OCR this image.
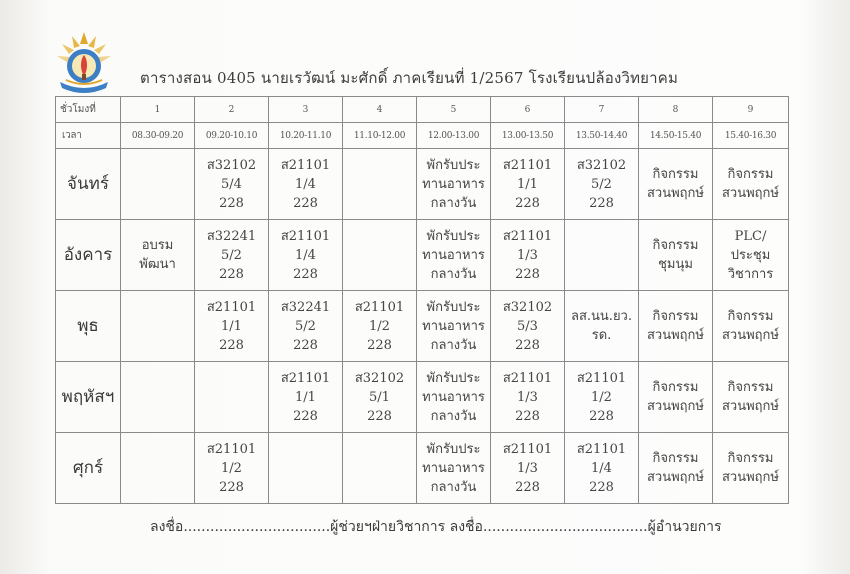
ตารางสอน 0405 นายเรวัฒน์ มะศักดิ์ ภาคเรียนที่ 1/2567 โรงเรียนปล้องวิทยาคม
ชั่วโมงที่	1	2	3	4	5	6	7	8	9
เวลา	08.30-09.20	09.20-10.10	10.20-11.10	11.10-12.00	12.00-13.00	13.00-13.50	13.50-14.40	14.50-15.40	15.40-16.30
จันทร์		ส32102
5/4
228	ส21101
1/4
228		พักรับประ
ทานอาหาร
กลางวัน	ส21101
1/1
228	ส32102
5/2
228	กิจกรรม
สวนพฤกษ์	กิจกรรม
สวนพฤกษ์

อังคาร	อบรม
พัฒนา	ส32241
5/2
228	ส21101
1/4
228		พักรับประ
ทานอาหาร
กลางวัน	ส21101
1/3
228		กิจกรรม
ชุมนุม	PLC/
ประชุม
วิชาการ

พุธ		ส21101
1/1
228	ส32241
5/2
228	ส21101
1/2
228	พักรับประ
ทานอาหาร
กลางวัน	ส32102
5/3
228	ลส.นน.ยว.
รด.	กิจกรรม
สวนพฤกษ์	กิจกรรม
สวนพฤกษ์

พฤหัสฯ			ส21101
1/1
228	ส32102
5/1
228	พักรับประ
ทานอาหาร
กลางวัน	ส21101
1/3
228	ส21101
1/2
228	กิจกรรม
สวนพฤกษ์	กิจกรรม
สวนพฤกษ์

ศุกร์		ส21101
1/2
228			พักรับประ
ทานอาหาร
กลางวัน	ส21101
1/3
228	ส21101
1/4
228	กิจกรรม
สวนพฤกษ์	กิจกรรม
สวนพฤกษ์
ลงชื่อ.................................ผู้ช่วยฯฝ่ายวิชาการ ลงชื่อ.....................................ผู้อำนวยการ
